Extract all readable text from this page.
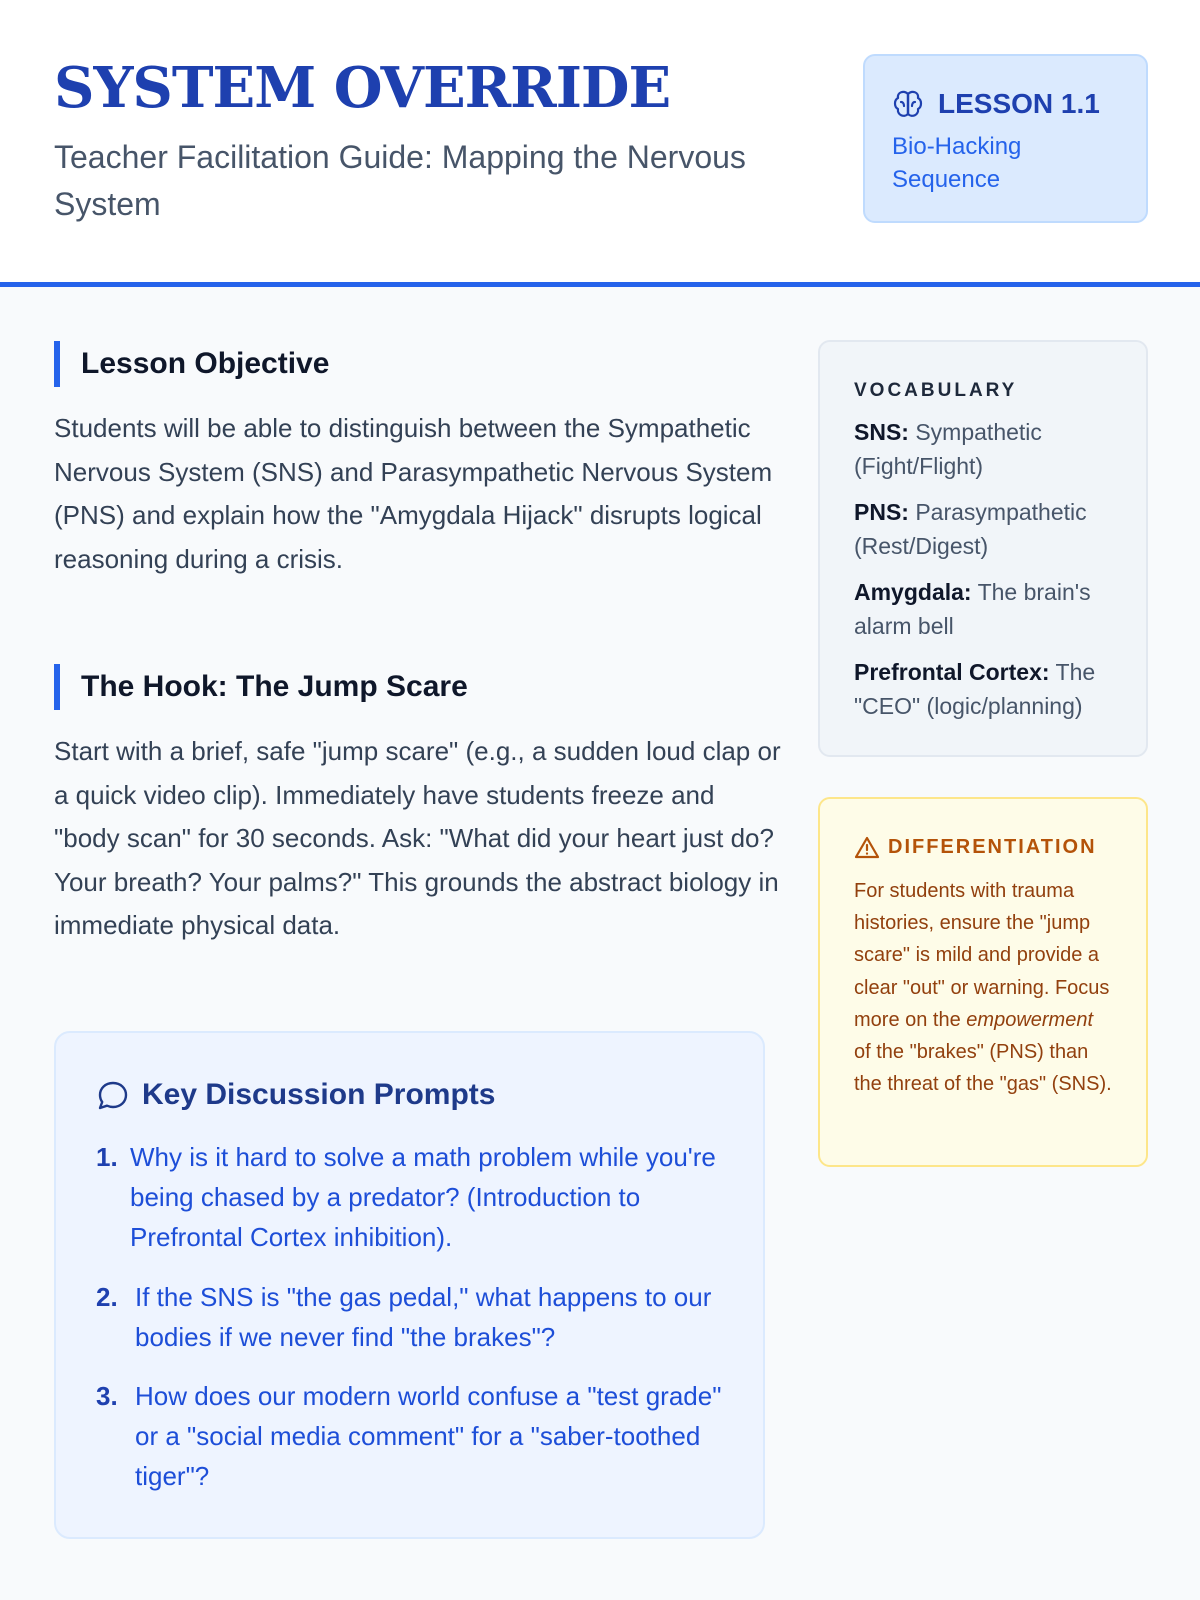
SYSTEM OVERRIDE
Teacher Facilitation Guide: Mapping the Nervous System
LESSON 1.1
Bio-Hacking Sequence
Lesson Objective
Students will be able to distinguish between the Sympathetic Nervous System (SNS) and Parasympathetic Nervous System (PNS) and explain how the "Amygdala Hijack" disrupts logical reasoning during a crisis.
The Hook: The Jump Scare
Start with a brief, safe "jump scare" (e.g., a sudden loud clap or a quick video clip). Immediately have students freeze and "body scan" for 30 seconds. Ask: "What did your heart just do? Your breath? Your palms?" This grounds the abstract biology in immediate physical data.
Key Discussion Prompts
1. Why is it hard to solve a math problem while you're being chased by a predator? (Introduction to Prefrontal Cortex inhibition).
2. If the SNS is "the gas pedal," what happens to our bodies if we never find "the brakes"?
3. How does our modern world confuse a "test grade" or a "social media comment" for a "saber-toothed tiger"?
VOCABULARY
SNS: Sympathetic (Fight/Flight)
PNS: Parasympathetic (Rest/Digest)
Amygdala: The brain's alarm bell
Prefrontal Cortex: The "CEO" (logic/planning)
DIFFERENTIATION
For students with trauma histories, ensure the "jump scare" is mild and provide a clear "out" or warning. Focus more on the empowerment of the "brakes" (PNS) than the threat of the "gas" (SNS).
